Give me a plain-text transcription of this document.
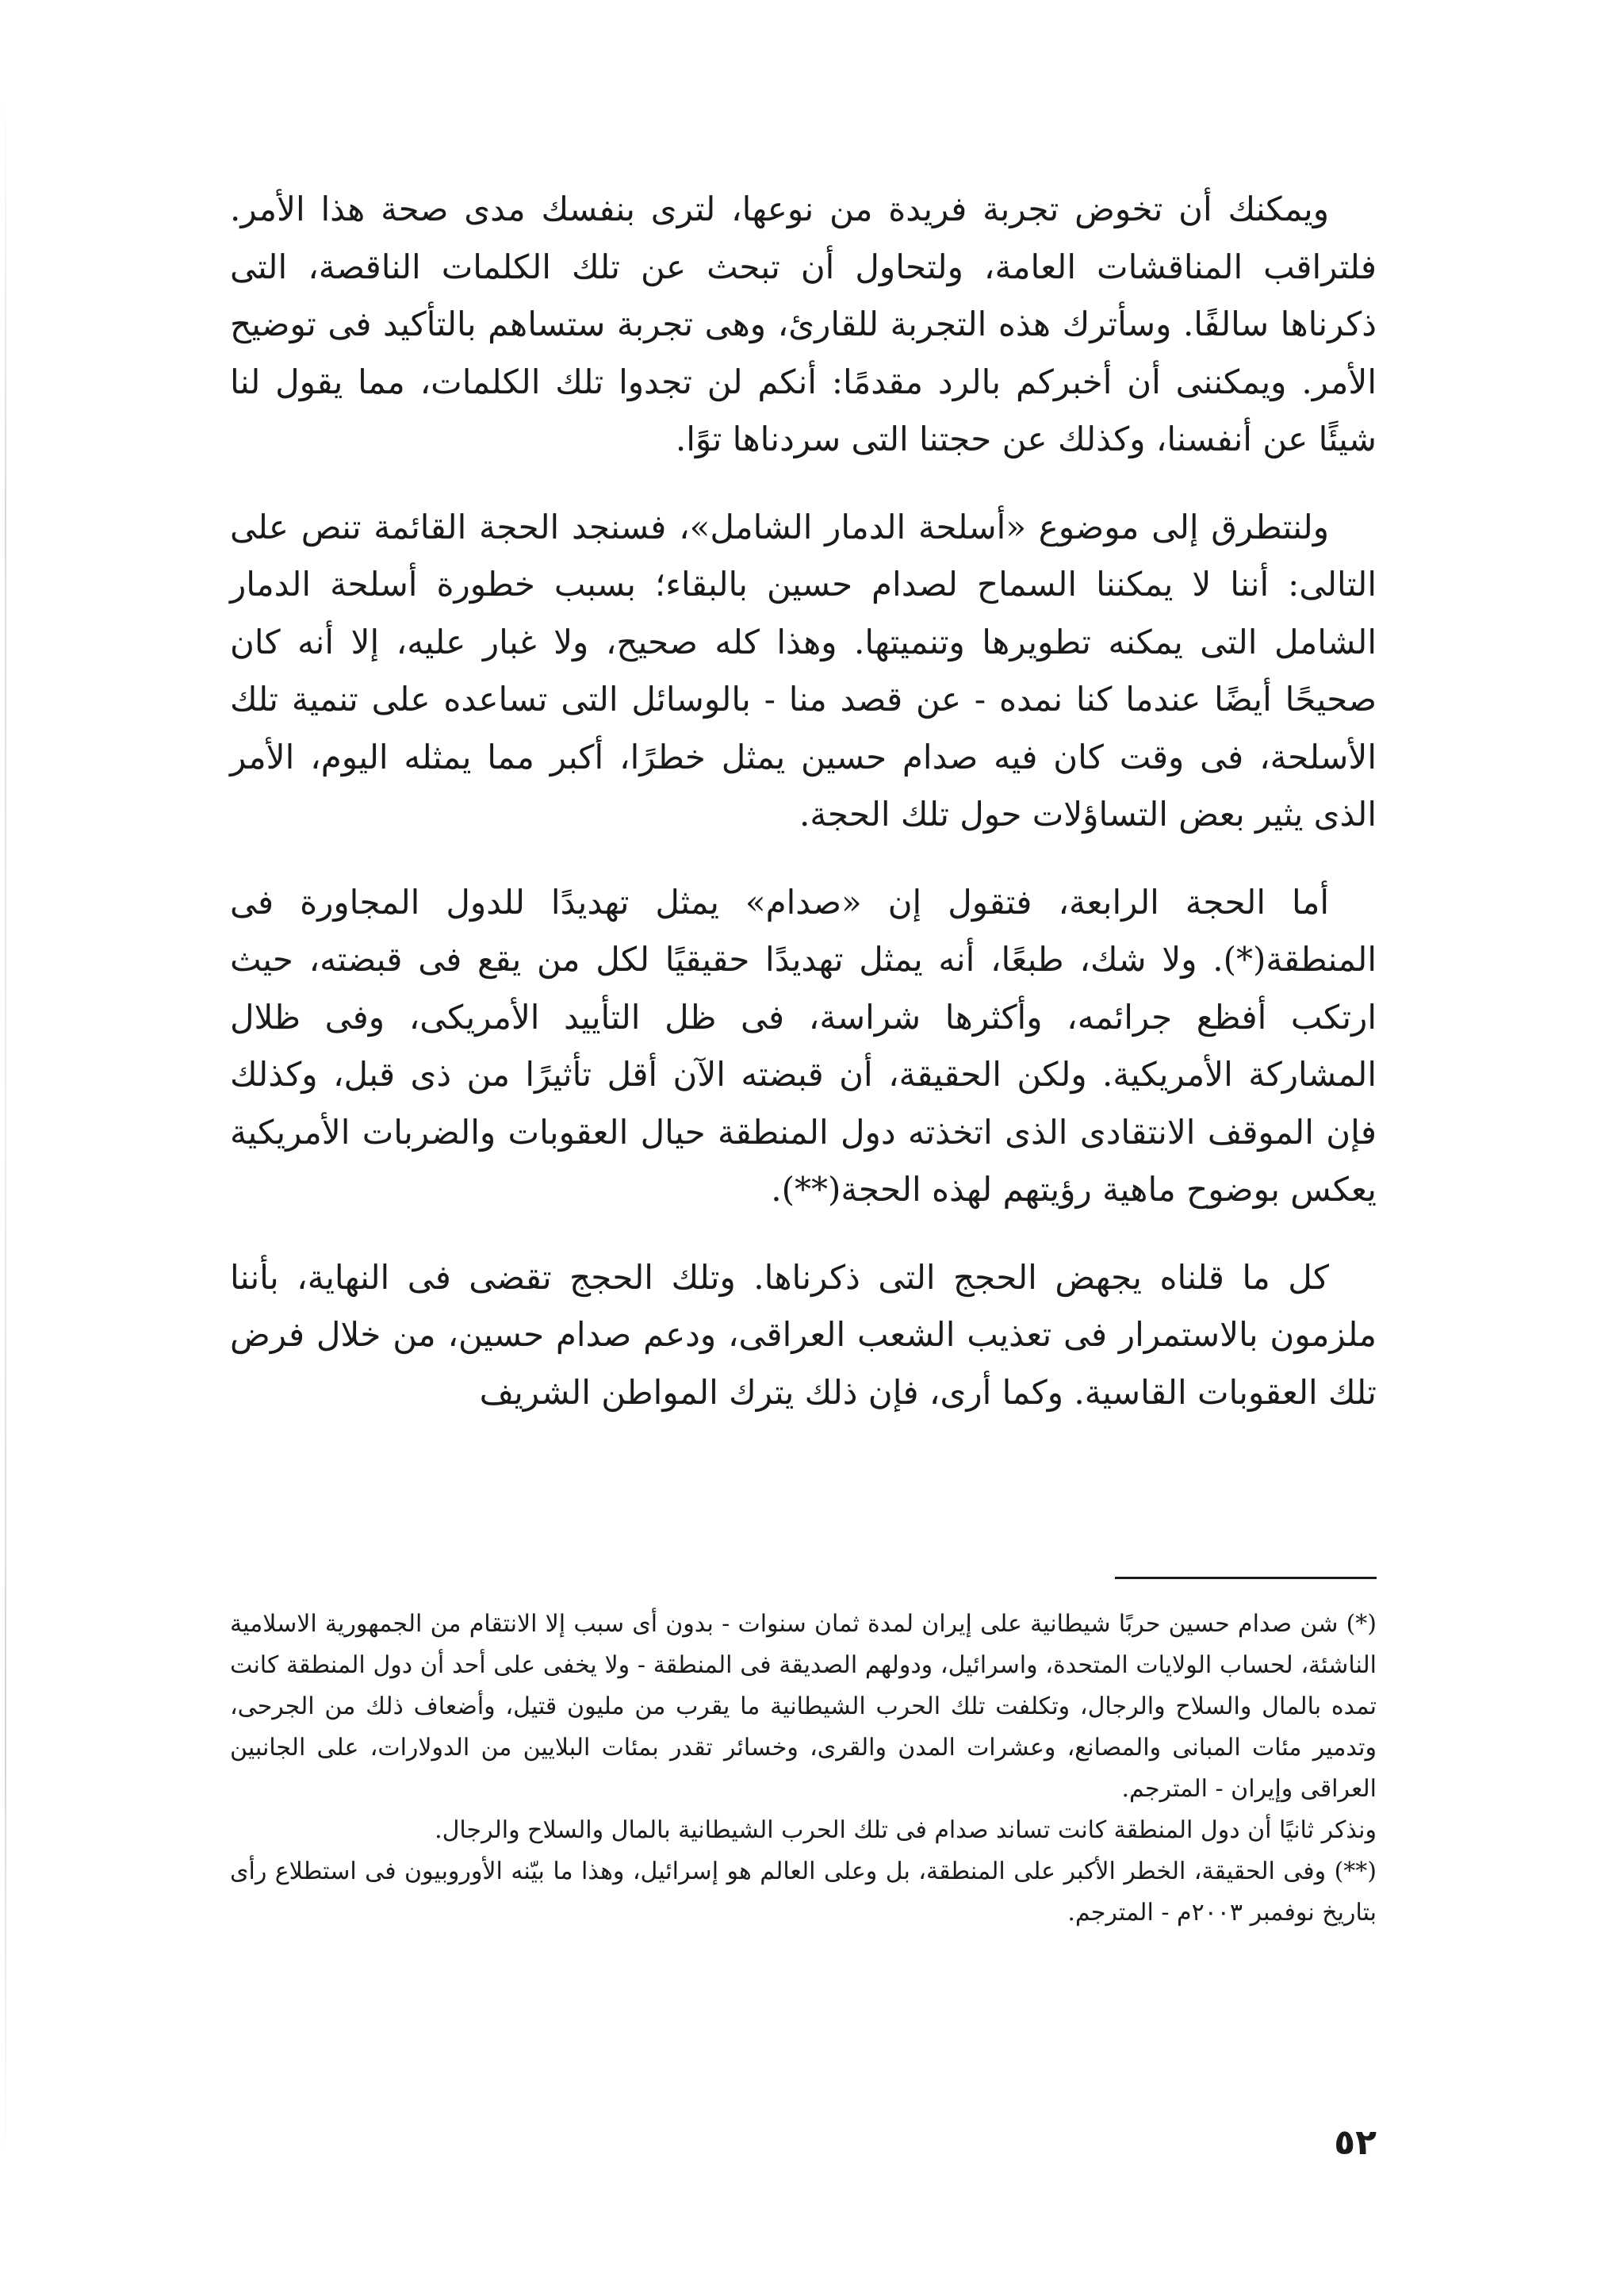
ويمكنك أن تخوض تجربة فريدة من نوعها، لترى بنفسك مدى صحة هذا الأمر. فلتراقب المناقشات العامة، ولتحاول أن تبحث عن تلك الكلمات الناقصة، التى ذكرناها سالفًا. وسأترك هذه التجربة للقارئ، وهى تجربة ستساهم بالتأكيد فى توضيح الأمر. ويمكننى أن أخبركم بالرد مقدمًا: أنكم لن تجدوا تلك الكلمات، مما يقول لنا شيئًا عن أنفسنا، وكذلك عن حجتنا التى سردناها توًا.

ولنتطرق إلى موضوع «أسلحة الدمار الشامل»، فسنجد الحجة القائمة تنص على التالى: أننا لا يمكننا السماح لصدام حسين بالبقاء؛ بسبب خطورة أسلحة الدمار الشامل التى يمكنه تطويرها وتنميتها. وهذا كله صحيح، ولا غبار عليه، إلا أنه كان صحيحًا أيضًا عندما كنا نمده - عن قصد منا - بالوسائل التى تساعده على تنمية تلك الأسلحة، فى وقت كان فيه صدام حسين يمثل خطرًا، أكبر مما يمثله اليوم، الأمر الذى يثير بعض التساؤلات حول تلك الحجة.

أما الحجة الرابعة، فتقول إن «صدام» يمثل تهديدًا للدول المجاورة فى المنطقة(*). ولا شك، طبعًا، أنه يمثل تهديدًا حقيقيًا لكل من يقع فى قبضته، حيث ارتكب أفظع جرائمه، وأكثرها شراسة، فى ظل التأييد الأمريكى، وفى ظلال المشاركة الأمريكية. ولكن الحقيقة، أن قبضته الآن أقل تأثيرًا من ذى قبل، وكذلك فإن الموقف الانتقادى الذى اتخذته دول المنطقة حيال العقوبات والضربات الأمريكية يعكس بوضوح ماهية رؤيتهم لهذه الحجة(**).

كل ما قلناه يجهض الحجج التى ذكرناها. وتلك الحجج تقضى فى النهاية، بأننا ملزمون بالاستمرار فى تعذيب الشعب العراقى، ودعم صدام حسين، من خلال فرض تلك العقوبات القاسية. وكما أرى، فإن ذلك يترك المواطن الشريف

(*) شن صدام حسين حربًا شيطانية على إيران لمدة ثمان سنوات - بدون أى سبب إلا الانتقام من الجمهورية الاسلامية الناشئة، لحساب الولايات المتحدة، واسرائيل، ودولهم الصديقة فى المنطقة - ولا يخفى على أحد أن دول المنطقة كانت تمده بالمال والسلاح والرجال، وتكلفت تلك الحرب الشيطانية ما يقرب من مليون قتيل، وأضعاف ذلك من الجرحى، وتدمير مئات المبانى والمصانع، وعشرات المدن والقرى، وخسائر تقدر بمئات البلايين من الدولارات، على الجانبين العراقى وإيران - المترجم.

ونذكر ثانيًا أن دول المنطقة كانت تساند صدام فى تلك الحرب الشيطانية بالمال والسلاح والرجال.

(**) وفى الحقيقة، الخطر الأكبر على المنطقة، بل وعلى العالم هو إسرائيل، وهذا ما بيّنه الأوروبيون فى استطلاع رأى بتاريخ نوفمبر ٢٠٠٣م - المترجم.

٥٢
